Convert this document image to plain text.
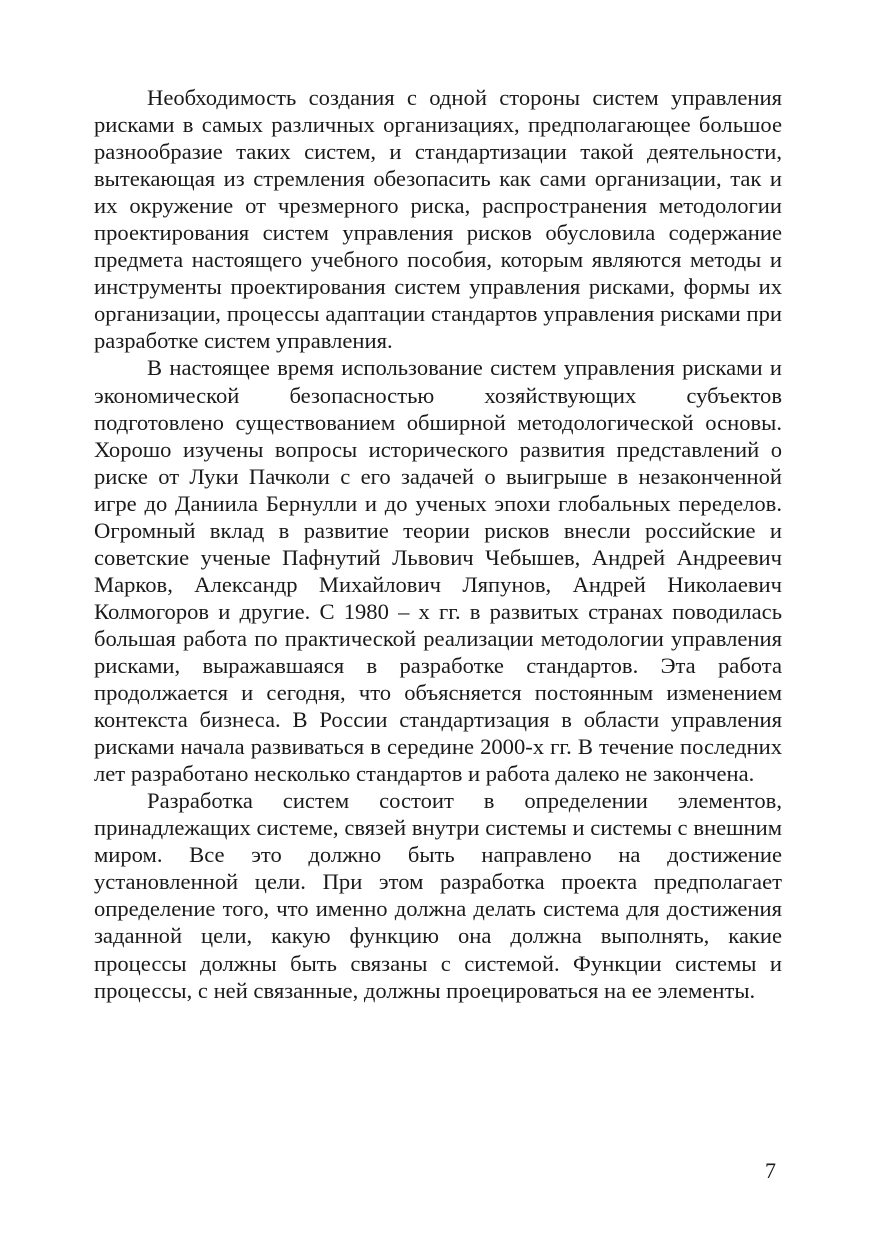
Необходимость создания с одной стороны систем управления рисками в самых различных организациях, предполагающее большое разнообразие таких систем, и стандартизации такой деятельности, вытекающая из стремления обезопасить как сами организации, так и их окружение от чрезмерного риска, распространения методологии проектирования систем управления рисков обусловила содержание предмета настоящего учебного пособия, которым являются методы и инструменты проектирования систем управления рисками, формы их организации, процессы адаптации стандартов управления рисками при разработке систем управления.

В настоящее время использование систем управления рисками и экономической безопасностью хозяйствующих субъектов подготовлено существованием обширной методологической основы. Хорошо изучены вопросы исторического развития представлений о риске от Луки Пачколи с его задачей о выигрыше в незаконченной игре до Даниила Бернулли и до ученых эпохи глобальных переделов. Огромный вклад в развитие теории рисков внесли российские и советские ученые Пафнутий Львович Чебышев, Андрей Андреевич Марков, Александр Михайлович Ляпунов, Андрей Николаевич Колмогоров и другие. С 1980 – х гг. в развитых странах поводилась большая работа по практической реализации методологии управления рисками, выражавшаяся в разработке стандартов. Эта работа продолжается и сегодня, что объясняется постоянным изменением контекста бизнеса. В России стандартизация в области управления рисками начала развиваться в середине 2000-х гг. В течение последних лет разработано несколько стандартов и работа далеко не закончена.

Разработка систем состоит в определении элементов, принадлежащих системе, связей внутри системы и системы с внешним миром. Все это должно быть направлено на достижение установленной цели. При этом разработка проекта предполагает определение того, что именно должна делать система для достижения заданной цели, какую функцию она должна выполнять, какие процессы должны быть связаны с системой. Функции системы и процессы, с ней связанные, должны проецироваться на ее элементы.

7
